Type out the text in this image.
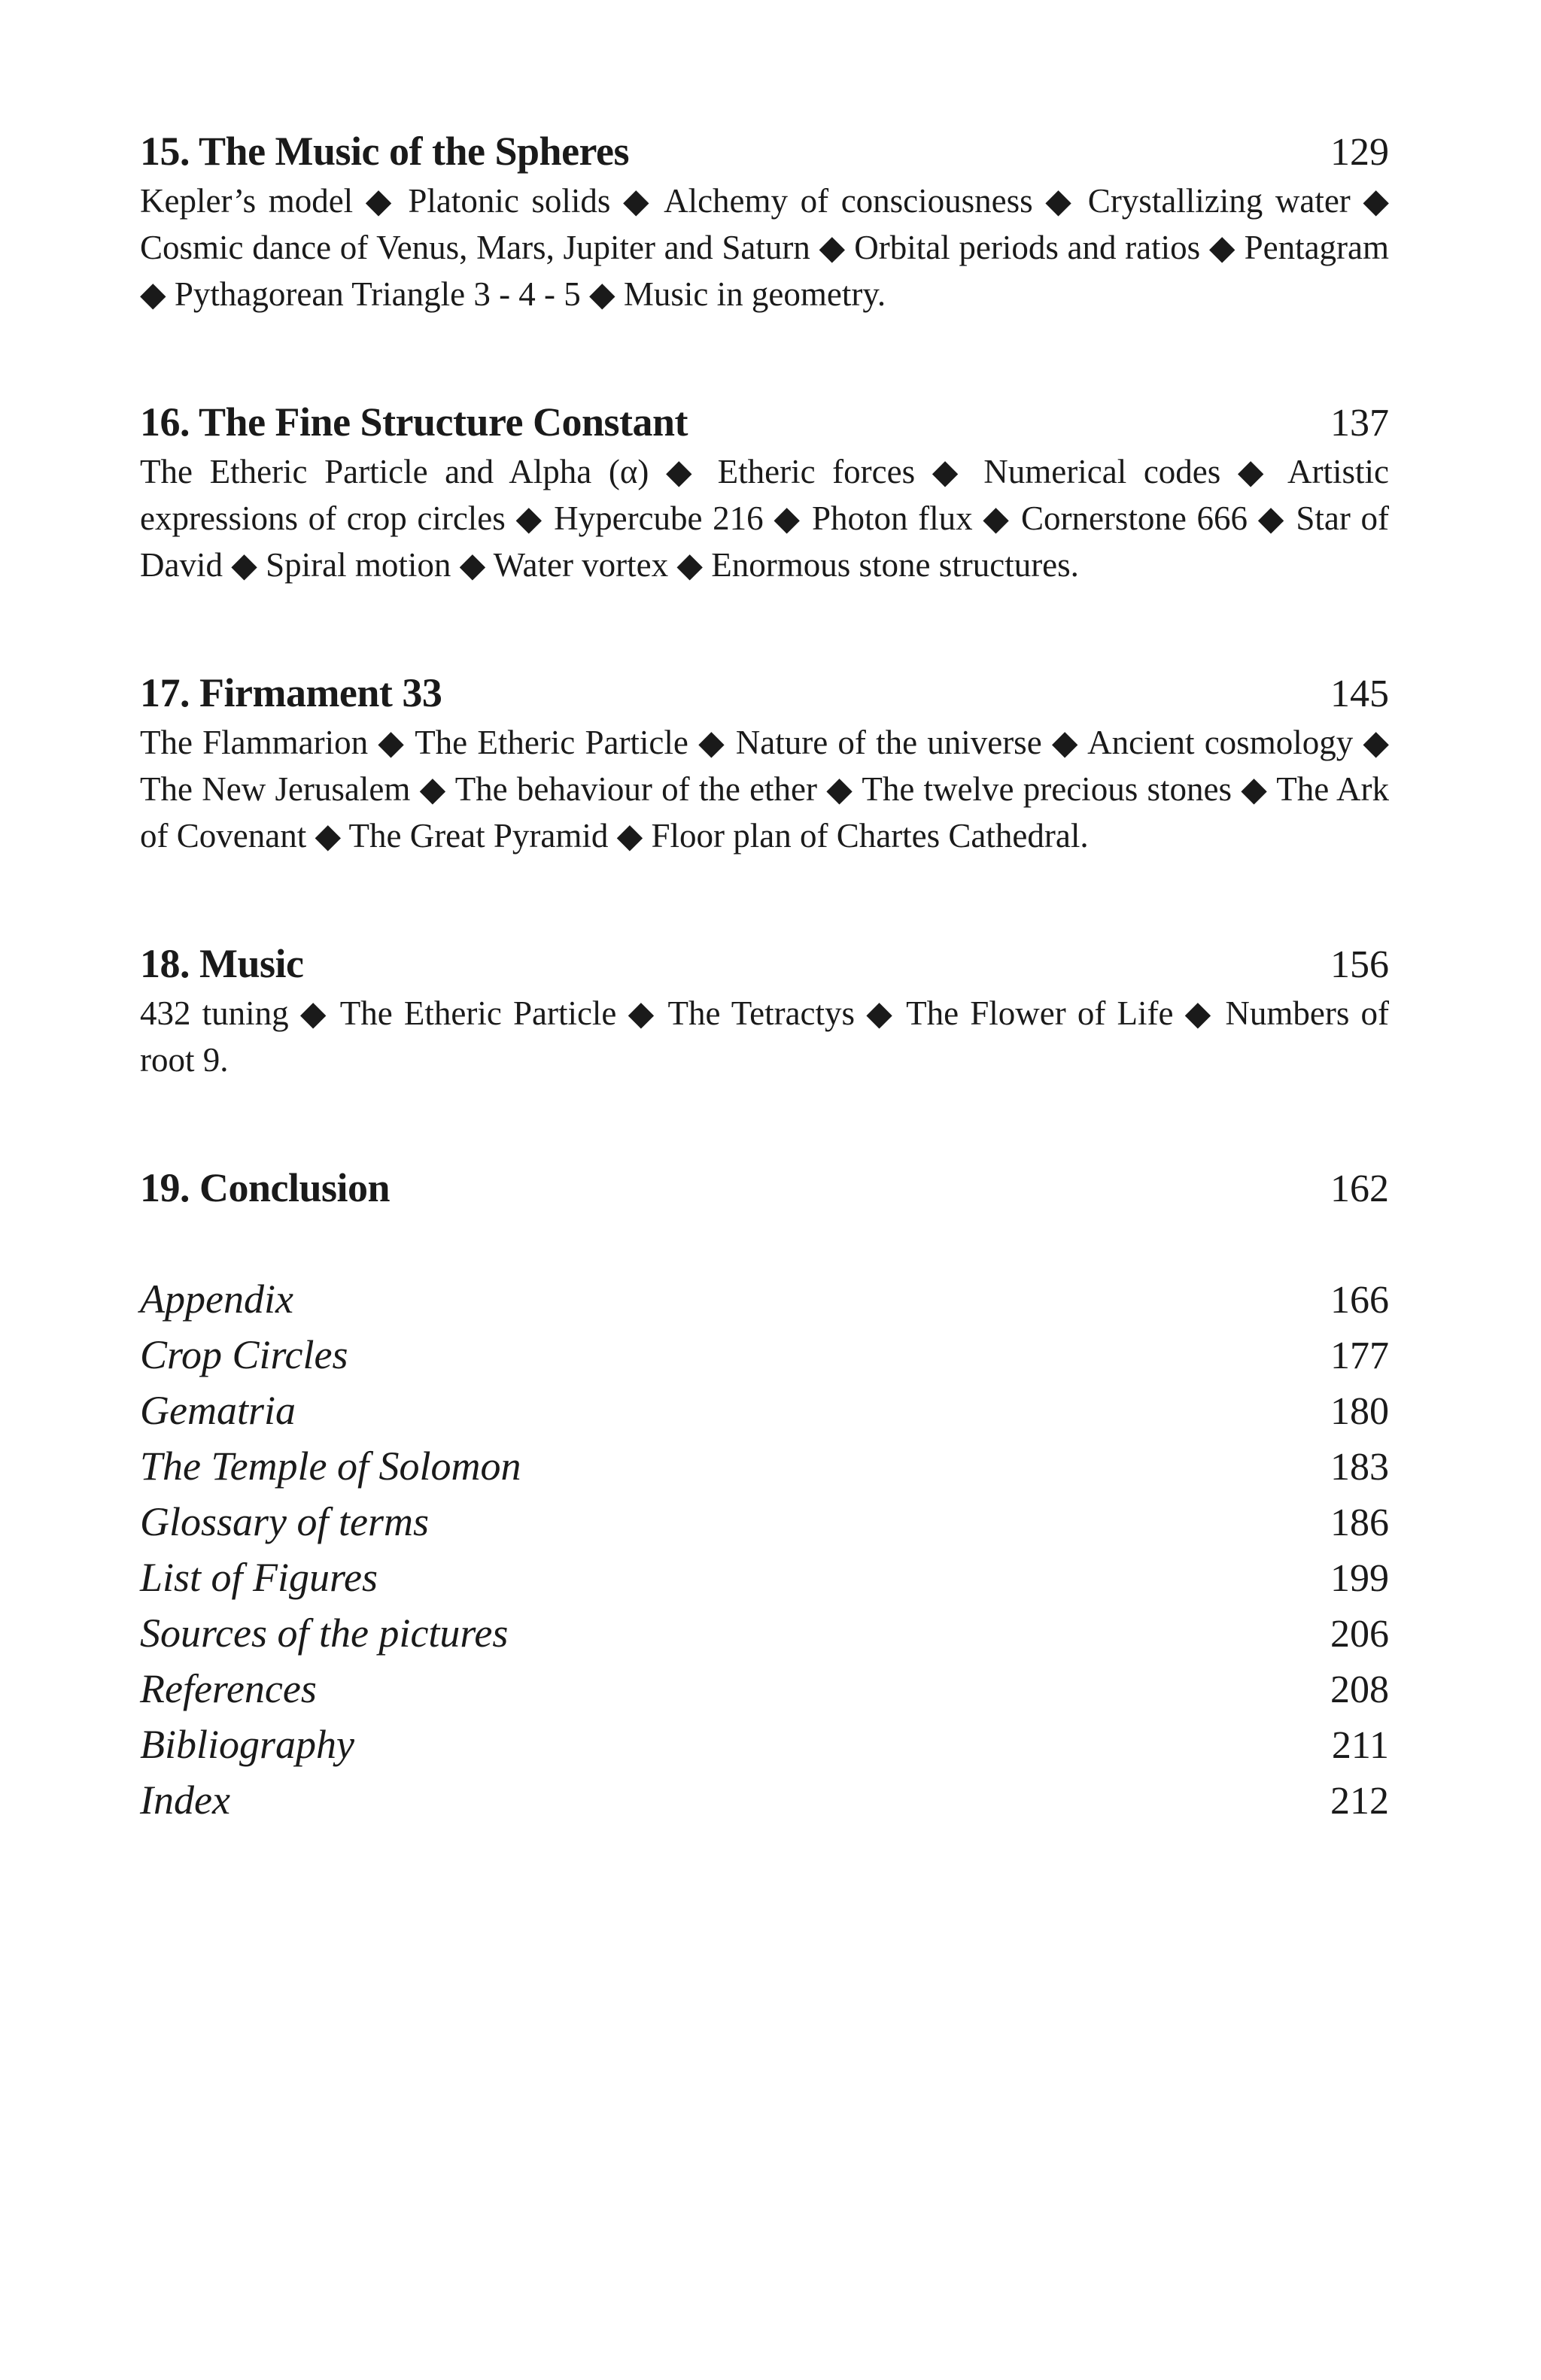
15. The Music of the Spheres	129
Kepler’s model ◆ Platonic solids ◆ Alchemy of consciousness ◆ Crystallizing water ◆ Cosmic dance of Venus, Mars, Jupiter and Saturn ◆ Orbital periods and ratios ◆ Pentagram ◆ Pythagorean Triangle 3 - 4 - 5 ◆ Music in geometry.
16. The Fine Structure Constant	137
The Etheric Particle and Alpha (α) ◆ Etheric forces ◆ Numerical codes ◆ Artistic expressions of crop circles ◆ Hypercube 216 ◆ Photon flux ◆ Cornerstone 666 ◆ Star of David ◆ Spiral motion ◆ Water vortex ◆ Enormous stone structures.
17. Firmament 33	145
The Flammarion ◆ The Etheric Particle ◆ Nature of the universe ◆ Ancient cosmology ◆ The New Jerusalem ◆ The behaviour of the ether ◆ The twelve precious stones ◆ The Ark of Covenant ◆ The Great Pyramid ◆ Floor plan of Chartes Cathedral.
18. Music	156
432 tuning ◆ The Etheric Particle ◆ The Tetractys ◆ The Flower of Life ◆ Numbers of root 9.
19. Conclusion	162
Appendix	166
Crop Circles	177
Gematria	180
The Temple of Solomon	183
Glossary of terms	186
List of Figures	199
Sources of the pictures	206
References	208
Bibliography	211
Index	212
